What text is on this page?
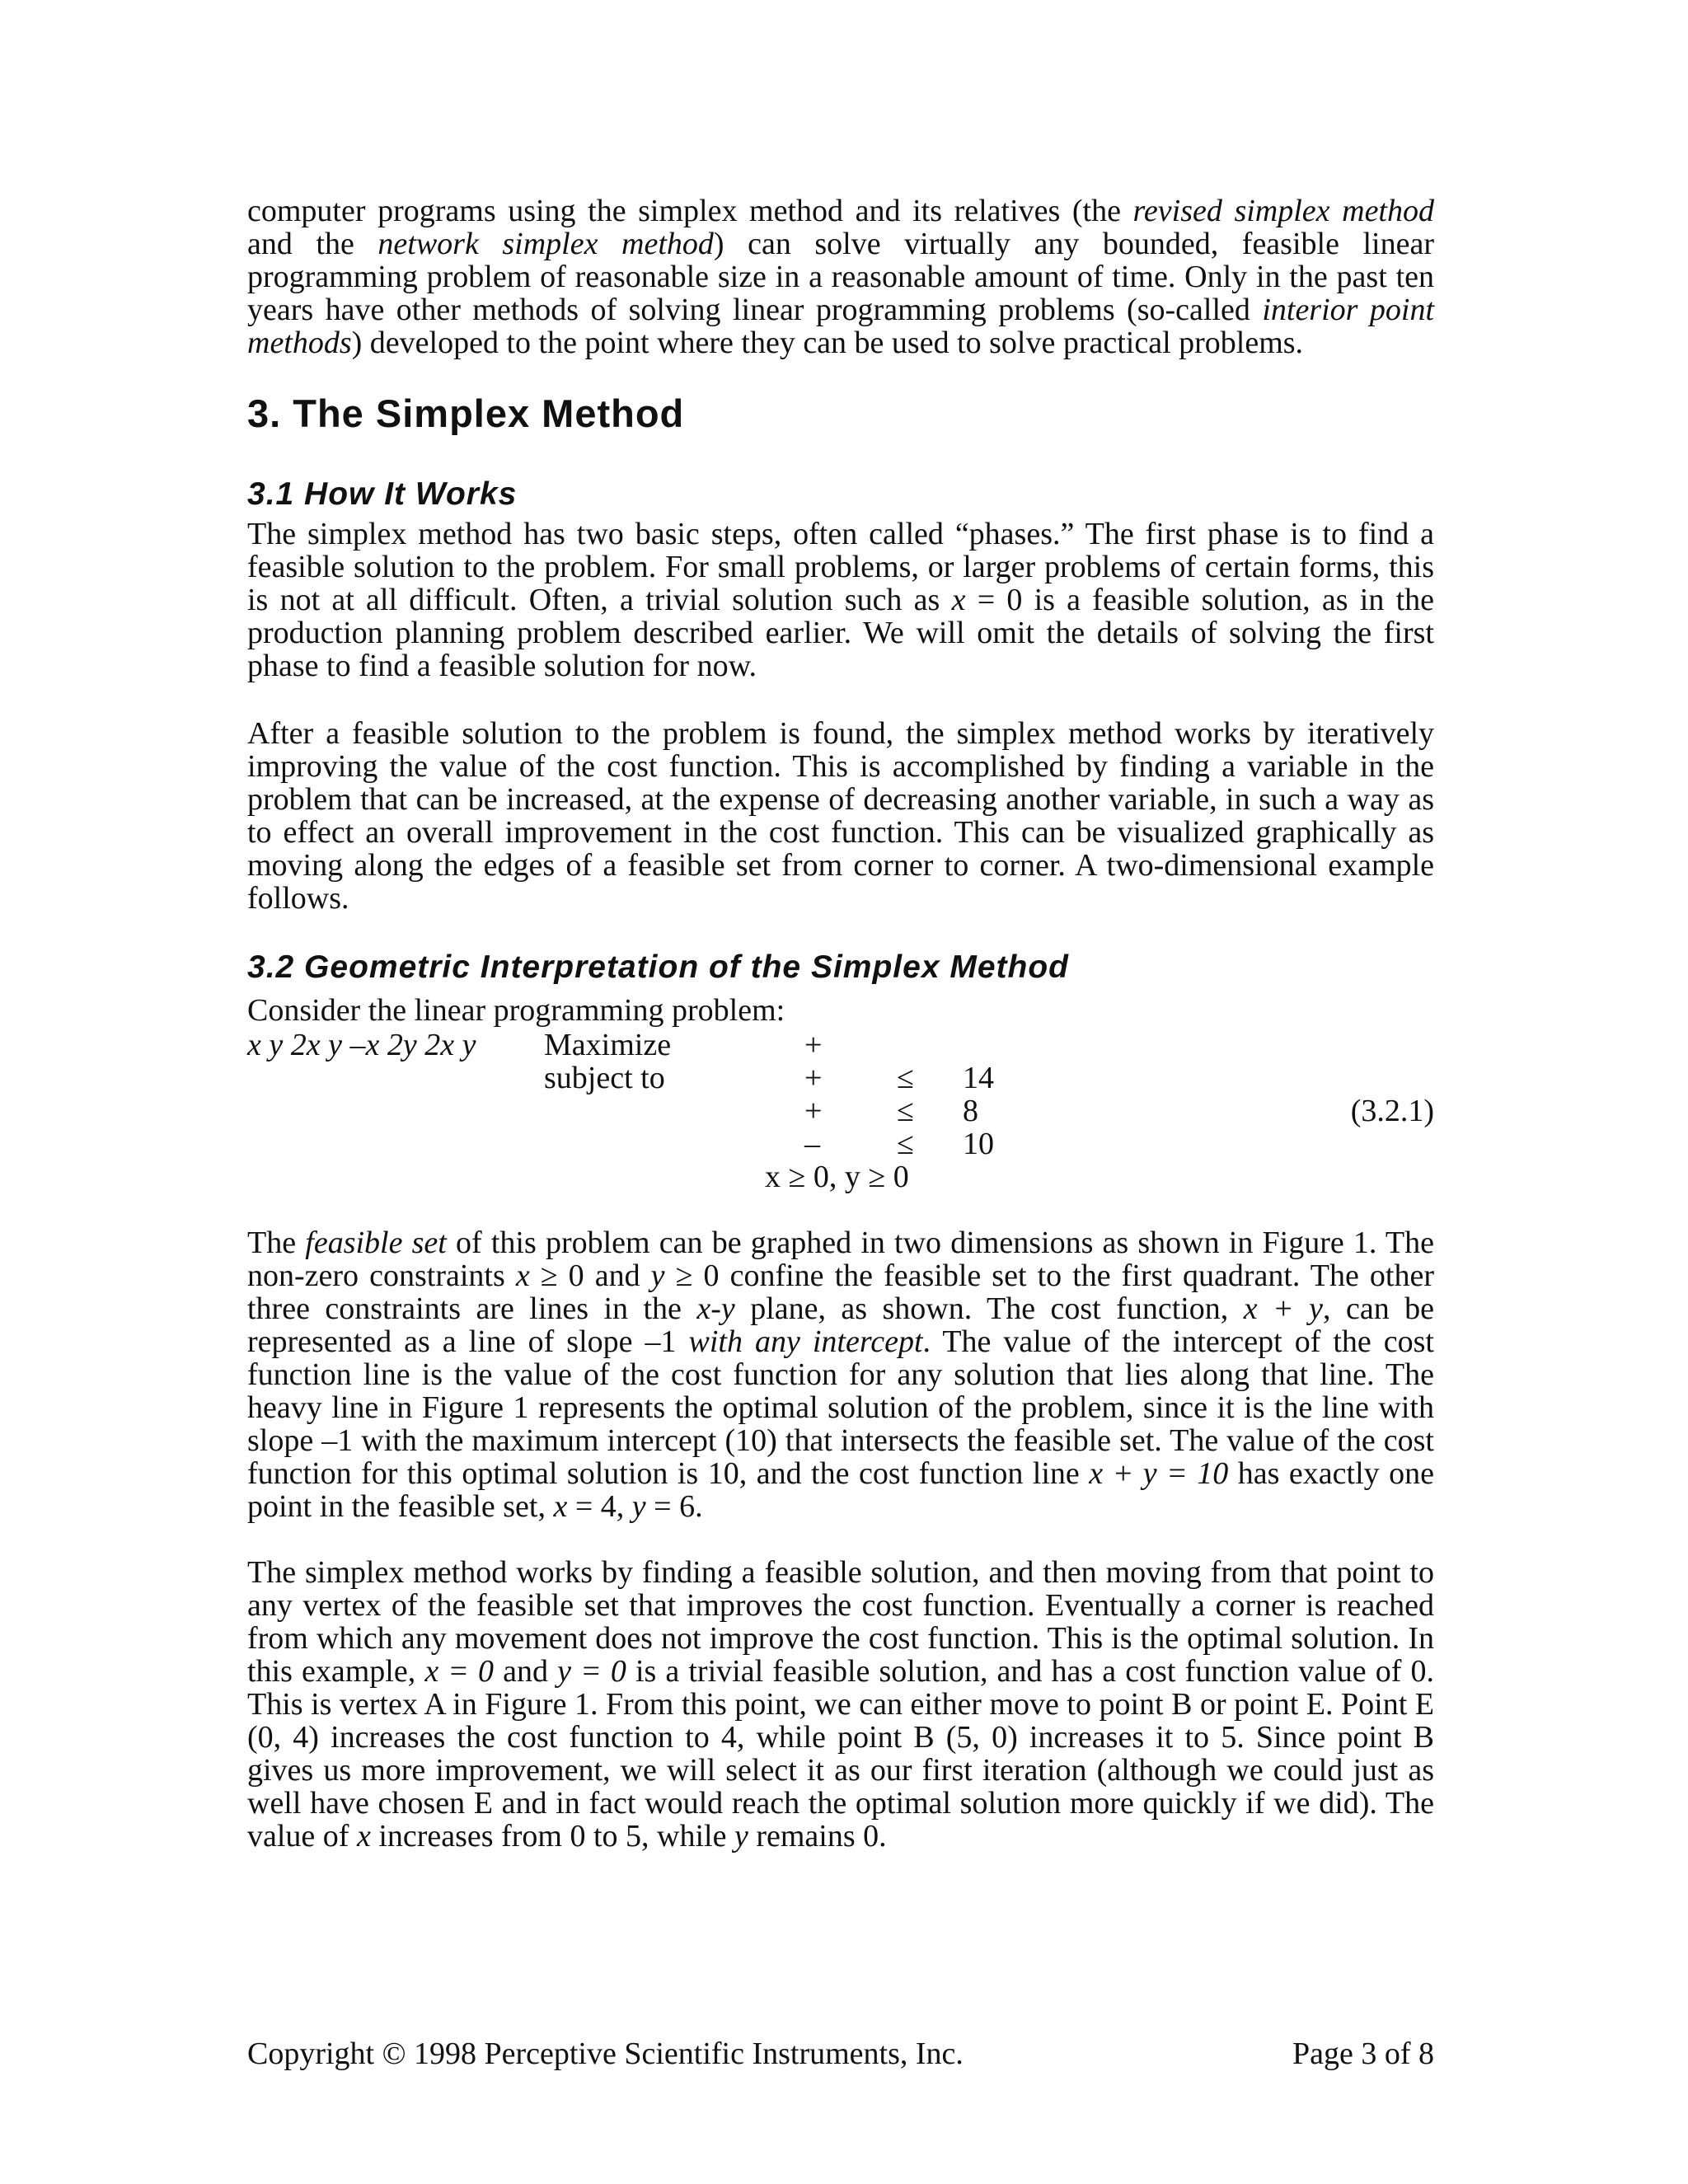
computer programs using the simplex method and its relatives (the revised simplex method and the network simplex method) can solve virtually any bounded, feasible linear programming problem of reasonable size in a reasonable amount of time. Only in the past ten years have other methods of solving linear programming problems (so-called interior point methods) developed to the point where they can be used to solve practical problems.

3. The Simplex Method
3.1 How It Works

The simplex method has two basic steps, often called “phases.” The first phase is to find a feasible solution to the problem. For small problems, or larger problems of certain forms, this is not at all difficult. Often, a trivial solution such as x = 0 is a feasible solution, as in the production planning problem described earlier. We will omit the details of solving the first phase to find a feasible solution for now.

After a feasible solution to the problem is found, the simplex method works by iteratively improving the value of the cost function. This is accomplished by finding a variable in the problem that can be increased, at the expense of decreasing another variable, in such a way as to effect an overall improvement in the cost function. This can be visualized graphically as moving along the edges of a feasible set from corner to corner. A two-dimensional example follows.

3.2 Geometric Interpretation of the Simplex Method

Consider the linear programming problem:

Maximize
subject to
x	+
y 2x
+
y
≤ 14
–x
+
2y
≤ 8
2x
–
y
≤ 10
x ≥ 0, y ≥ 0
(3.2.1)

The feasible set of this problem can be graphed in two dimensions as shown in Figure 1. The non-zero constraints x ≥ 0 and y ≥ 0 confine the feasible set to the first quadrant. The other three constraints are lines in the x-y plane, as shown. The cost function, x + y, can be represented as a line of slope –1 with any intercept. The value of the intercept of the cost function line is the value of the cost function for any solution that lies along that line. The heavy line in Figure 1 represents the optimal solution of the problem, since it is the line with slope –1 with the maximum intercept (10) that intersects the feasible set. The value of the cost function for this optimal solution is 10, and the cost function line x + y = 10 has exactly one point in the feasible set, x = 4, y = 6.

The simplex method works by finding a feasible solution, and then moving from that point to any vertex of the feasible set that improves the cost function. Eventually a corner is reached from which any movement does not improve the cost function. This is the optimal solution. In this example, x = 0 and y = 0 is a trivial feasible solution, and has a cost function value of 0. This is vertex A in Figure 1. From this point, we can either move to point B or point E. Point E (0, 4) increases the cost function to 4, while point B (5, 0) increases it to 5. Since point B gives us more improvement, we will select it as our first iteration (although we could just as well have chosen E and in fact would reach the optimal solution more quickly if we did). The value of x increases from 0 to 5, while y remains 0.

Copyright © 1998 Perceptive Scientific Instruments, Inc.	Page 3 of 8
